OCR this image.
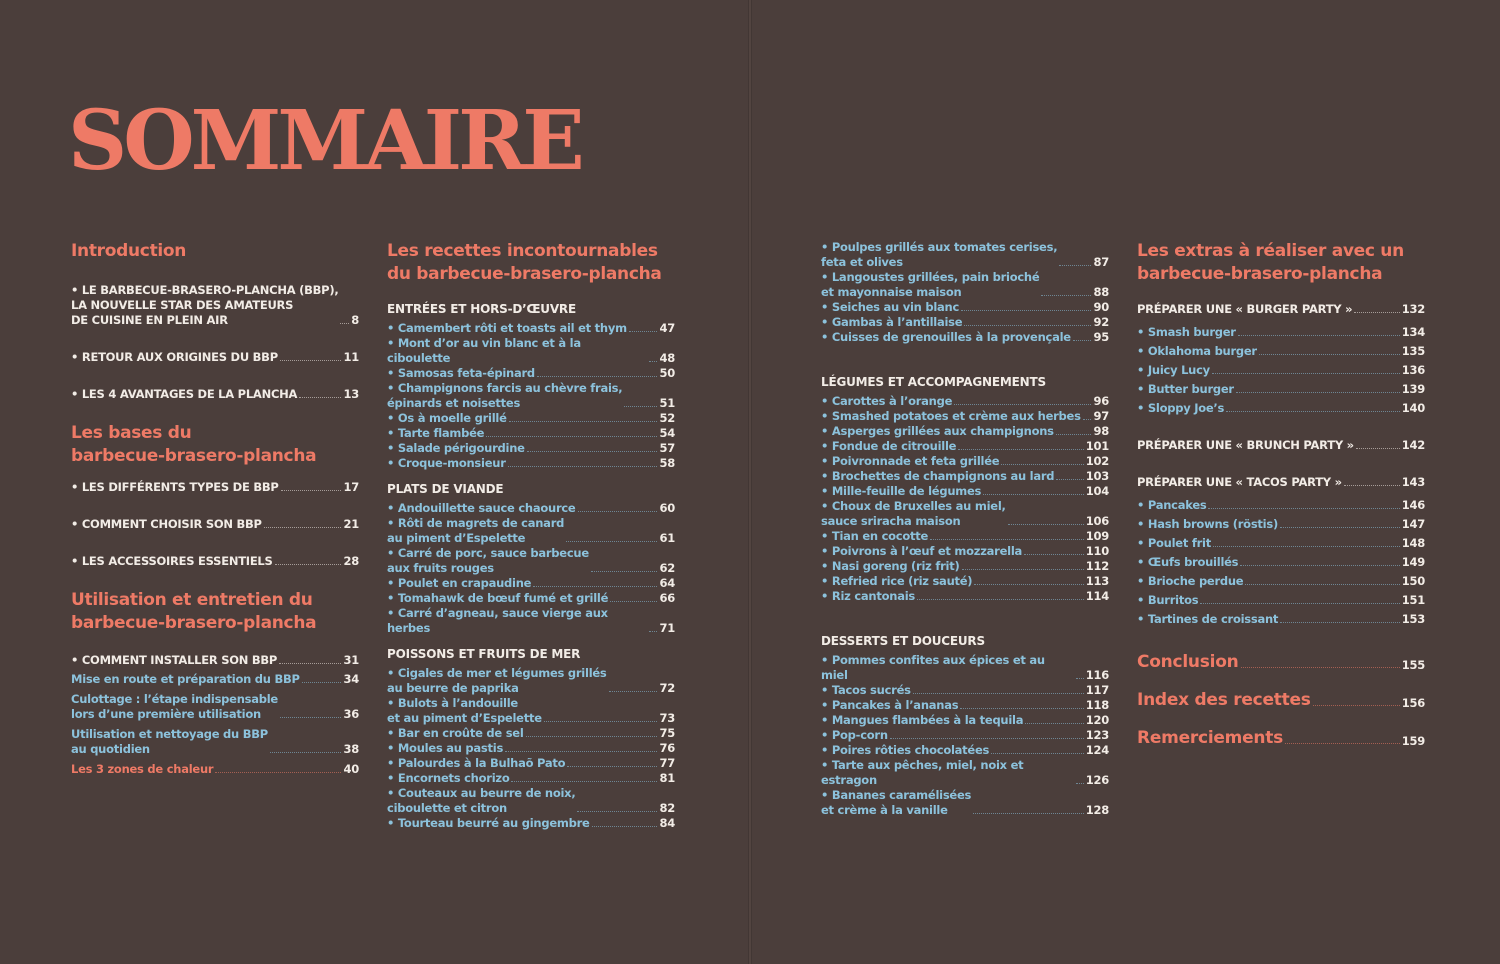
SOMMAIRE
Introduction
• LE BARBECUE-BRASERO-PLANCHA (BBP),
LA NOUVELLE STAR DES AMATEURS
DE CUISINE EN PLEIN AIR	8
• RETOUR AUX ORIGINES DU BBP	11
• LES 4 AVANTAGES DE LA PLANCHA	13
Les bases du
barbecue-brasero-plancha
• LES DIFFÉRENTS TYPES DE BBP	17
• COMMENT CHOISIR SON BBP	21
• LES ACCESSOIRES ESSENTIELS	28
Utilisation et entretien du
barbecue-brasero-plancha
• COMMENT INSTALLER SON BBP	31
Mise en route et préparation du BBP	34
Culottage : l’étape indispensable
lors d’une première utilisation	36
Utilisation et nettoyage du BBP
au quotidien	38
Les 3 zones de chaleur	40
Les recettes incontournables
du barbecue-brasero-plancha
ENTRÉES ET HORS-D’ŒUVRE
• Camembert rôti et toasts ail et thym	47
• Mont d’or au vin blanc et à la ciboulette	48
• Samosas feta-épinard	50
• Champignons farcis au chèvre frais,
épinards et noisettes	51
• Os à moelle grillé	52
• Tarte flambée	54
• Salade périgourdine	57
• Croque-monsieur	58
PLATS DE VIANDE
• Andouillette sauce chaource	60
• Rôti de magrets de canard
au piment d’Espelette	61
• Carré de porc, sauce barbecue
aux fruits rouges	62
• Poulet en crapaudine	64
• Tomahawk de bœuf fumé et grillé	66
• Carré d’agneau, sauce vierge aux herbes	71
POISSONS ET FRUITS DE MER
• Cigales de mer et légumes grillés
au beurre de paprika	72
• Bulots à l’andouille
et au piment d’Espelette	73
• Bar en croûte de sel	75
• Moules au pastis	76
• Palourdes à la Bulhaõ Pato	77
• Encornets chorizo	81
• Couteaux au beurre de noix,
ciboulette et citron	82
• Tourteau beurré au gingembre	84
• Poulpes grillés aux tomates cerises,
feta et olives	87
• Langoustes grillées, pain brioché
et mayonnaise maison	88
• Seiches au vin blanc	90
• Gambas à l’antillaise	92
• Cuisses de grenouilles à la provençale 95
LÉGUMES ET ACCOMPAGNEMENTS
• Carottes à l’orange	96
• Smashed potatoes et crème aux herbes 97
• Asperges grillées aux champignons	98
• Fondue de citrouille	101
• Poivronnade et feta grillée	102
• Brochettes de champignons au lard	103
• Mille-feuille de légumes	104
• Choux de Bruxelles au miel,
sauce sriracha maison	106
• Tian en cocotte	109
• Poivrons à l’œuf et mozzarella	110
• Nasi goreng (riz frit)	112
• Refried rice (riz sauté)	113
• Riz cantonais	114
DESSERTS ET DOUCEURS
• Pommes confites aux épices et au miel	116
• Tacos sucrés	117
• Pancakes à l’ananas	118
• Mangues flambées à la tequila	120
• Pop-corn	123
• Poires rôties chocolatées	124
• Tarte aux pêches, miel, noix et estragon	126
• Bananes caramélisées
et crème à la vanille	128
Les extras à réaliser avec un
barbecue-brasero-plancha
PRÉPARER UNE « BURGER PARTY »	132
• Smash burger	134
• Oklahoma burger	135
• Juicy Lucy	136
• Butter burger	139
• Sloppy Joe’s	140
PRÉPARER UNE « BRUNCH PARTY »	142
PRÉPARER UNE « TACOS PARTY »	143
• Pancakes	146
• Hash browns (röstis)	147
• Poulet frit	148
• Œufs brouillés	149
• Brioche perdue	150
• Burritos	151
• Tartines de croissant	153
Conclusion	155
Index des recettes	156
Remerciements	159
